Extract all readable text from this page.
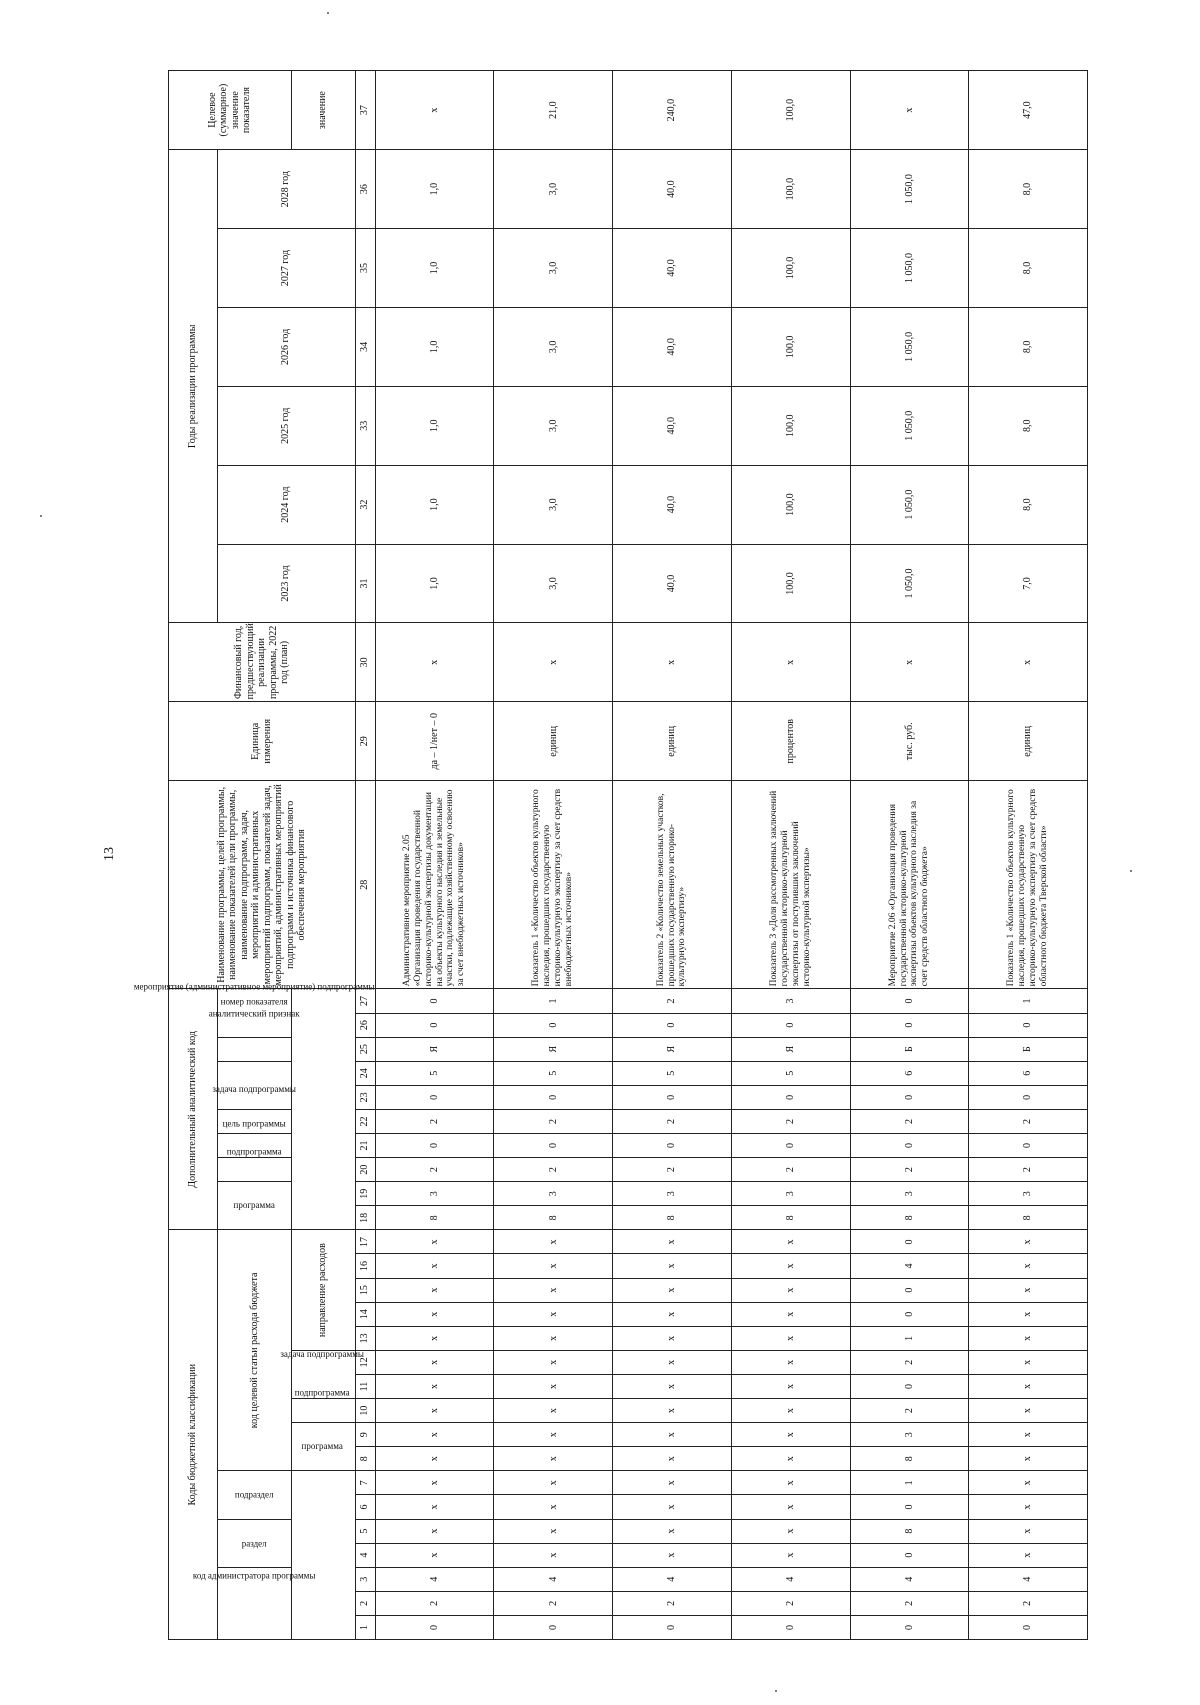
13
Коды бюджетной классификации																	Дополнительный аналитический код										Наименование программы, целей программы, наименование показателей цели программы, наименование подпрограмм, задач, мероприятий и административных мероприятий подпрограмм, показателей задач, мероприятий, административных мероприятий подпрограмм и источника финансового обеспечения мероприятия	Единица измерения	Финансовый год, предшествующий реализации программы, 2022 год (план)	Годы реализации программы						Целевое (суммарное) значение показателя
код администратора программы			раздел		подраздел		код целевой статьи расхода бюджета										программа		подпрограмма	цель программы	задача подпрограммы	мероприятие (административное мероприятие) подпрограммы		аналитический признак	номер показателя					2023 год	2024 год	2025 год	2026 год	2027 год	2028 год	
							программа		подпрограмма	задача подпрограммы		направление расходов																								значение
1	2	3	4	5	6	7	8	9	10	11	12	13	14	15	16	17	18	19	20	21	22	23	24	25	26	27	28	29	30	31	32	33	34	35	36	37
0	2	4	х	х	х	х	х	х	х	х	х	х	х	х	х	х	8	3	2	0	2	0	5	Я	0	0	Административное мероприятие 2.05 «Организация проведения государственной историко-культурной экспертизы документации на объекты культурного наследия и земельные участки, подлежащие хозяйственному освоению за счет внебюджетных источников»	да – 1/нет – 0	х	1,0	1,0	1,0	1,0	1,0	1,0	х
0	2	4	х	х	х	х	х	х	х	х	х	х	х	х	х	х	8	3	2	0	2	0	5	Я	0	1	Показатель 1 «Количество объектов культурного наследия, прошедших государственную историко-культурную экспертизу за счет средств внебюджетных источников»	единиц	х	3,0	3,0	3,0	3,0	3,0	3,0	21,0
0	2	4	х	х	х	х	х	х	х	х	х	х	х	х	х	х	8	3	2	0	2	0	5	Я	0	2	Показатель 2 «Количество земельных участков, прошедших государственную историко-культурную экспертизу»	единиц	х	40,0	40,0	40,0	40,0	40,0	40,0	240,0
0	2	4	х	х	х	х	х	х	х	х	х	х	х	х	х	х	8	3	2	0	2	0	5	Я	0	3	Показатель 3 «Доля рассмотренных заключений государственной историко-культурной экспертизы от поступивших заключений историко-культурной экспертизы»	процентов	х	100,0	100,0	100,0	100,0	100,0	100,0	100,0
0	2	4	0	8	0	1	8	3	2	0	2	1	0	0	4	0	8	3	2	0	2	0	6	Б	0	0	Мероприятие 2.06 «Организация проведения государственной историко-культурной экспертизы объектов культурного наследия за счет средств областного бюджета»	тыс. руб.	х	1 050,0	1 050,0	1 050,0	1 050,0	1 050,0	1 050,0	х
0	2	4	х	х	х	х	х	х	х	х	х	х	х	х	х	х	8	3	2	0	2	0	6	Б	0	1	Показатель 1 «Количество объектов культурного наследия, прошедших государственную историко-культурную экспертизу за счет средств областного бюджета Тверской области»	единиц	х	7,0	8,0	8,0	8,0	8,0	8,0	47,0
